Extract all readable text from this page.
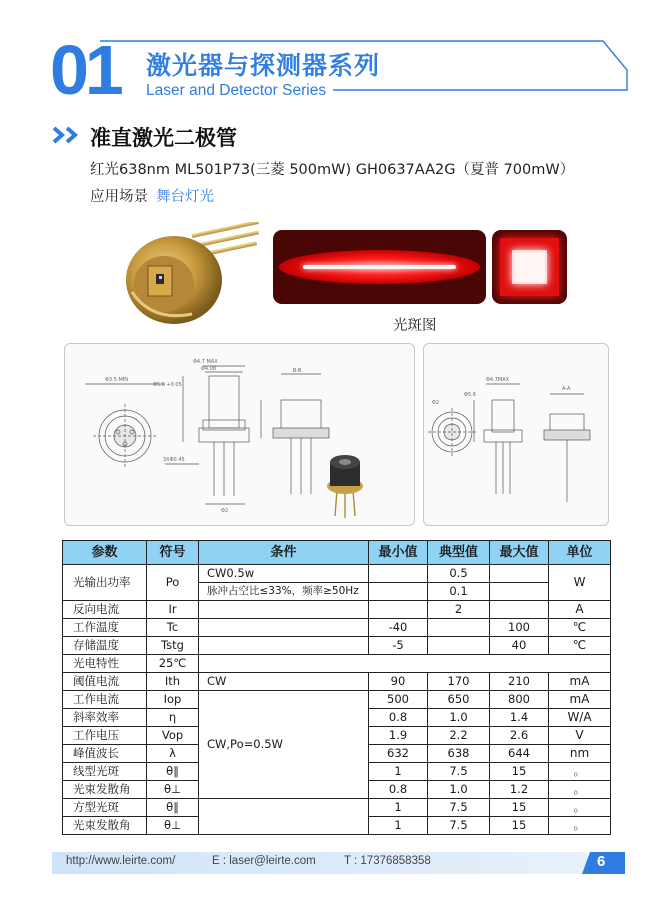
01 激光器与探测器系列
Laser and Detector Series
准直激光二极管
红光638nm ML501P73(三菱 500mW) GH0637AA2G（夏普 700mW）
应用场景 舞台灯光
光斑图
Φ3.5 MIN
Φ4.7 MAX
Φ4.08
Φ5.6 +0.05
3XΦ0.45
Φ2
B-B
Φ2
Φ4.7MAX
Φ5.6
A-A
参数	符号	条件	最小值	典型值	最大值	单位
光输出功率	Po	CW0.5w		0.5		W
		脉冲占空比≤33%，频率≥50Hz		0.1		
反向电流	Ir			2		A
工作温度	Tc		-40		100	℃
存储温度	Tstg		-5		40	℃
光电特性	25℃					
阈值电流	Ith	CW	90	170	210	mA
工作电流	Iop	CW,Po=0.5W	500	650	800	mA
斜率效率	η		0.8	1.0	1.4	W/A
工作电压	Vop		1.9	2.2	2.6	V
峰值波长	λ		632	638	644	nm
线型光斑	θ∥		1	7.5	15	。
光束发散角	θ⊥		0.8	1.0	1.2	。
方型光斑	θ∥		1	7.5	15	。
光束发散角	θ⊥		1	7.5	15	。
http://www.leirte.com/	E : laser@leirte.com T : 17376858358	6
